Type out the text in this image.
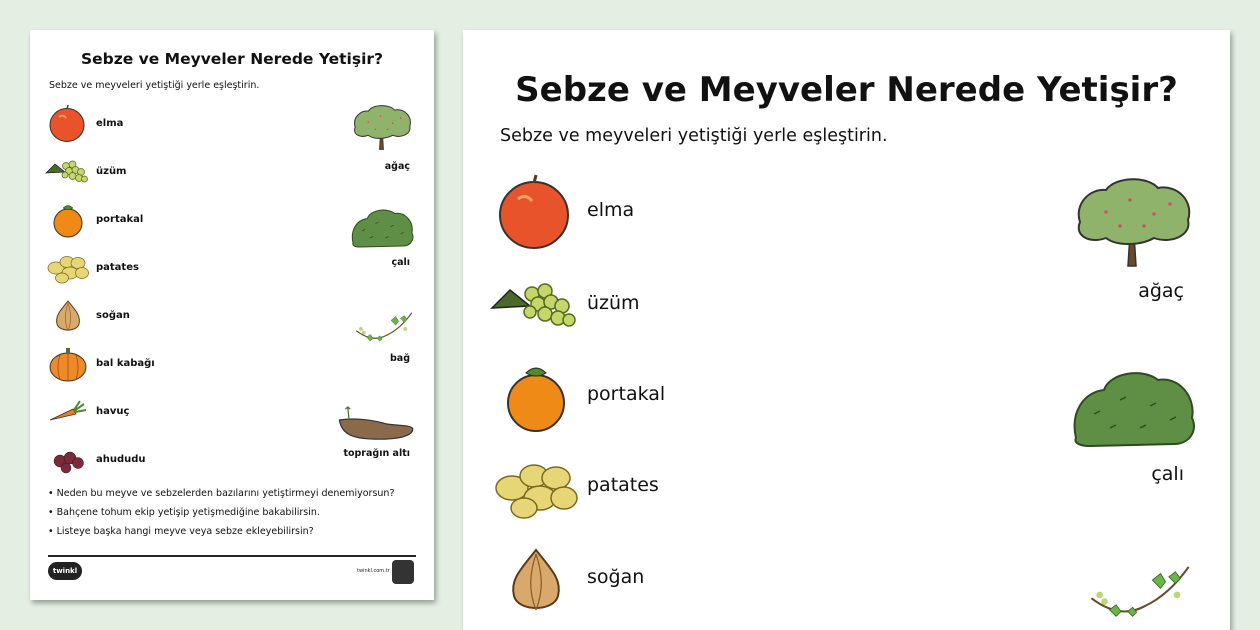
Sebze ve Meyveler Nerede Yetişir?
Sebze ve meyveleri yetiştiği yerle eşleştirin.
elma
üzüm
portakal
patates
soğan
bal kabağı
havuç
ahududu
ağaç
çalı
bağ
toprağın altı
• Neden bu meyve ve sebzelerden bazılarını yetiştirmeyi denemiyorsun?
• Bahçene tohum ekip yetişip yetişmediğine bakabilirsin.
• Listeye başka hangi meyve veya sebze ekleyebilirsin?
twinkl	twinkl.com.tr
Sebze ve Meyveler Nerede Yetişir?
Sebze ve meyveleri yetiştiği yerle eşleştirin.
elma
üzüm
portakal
patates
soğan
ağaç
çalı
